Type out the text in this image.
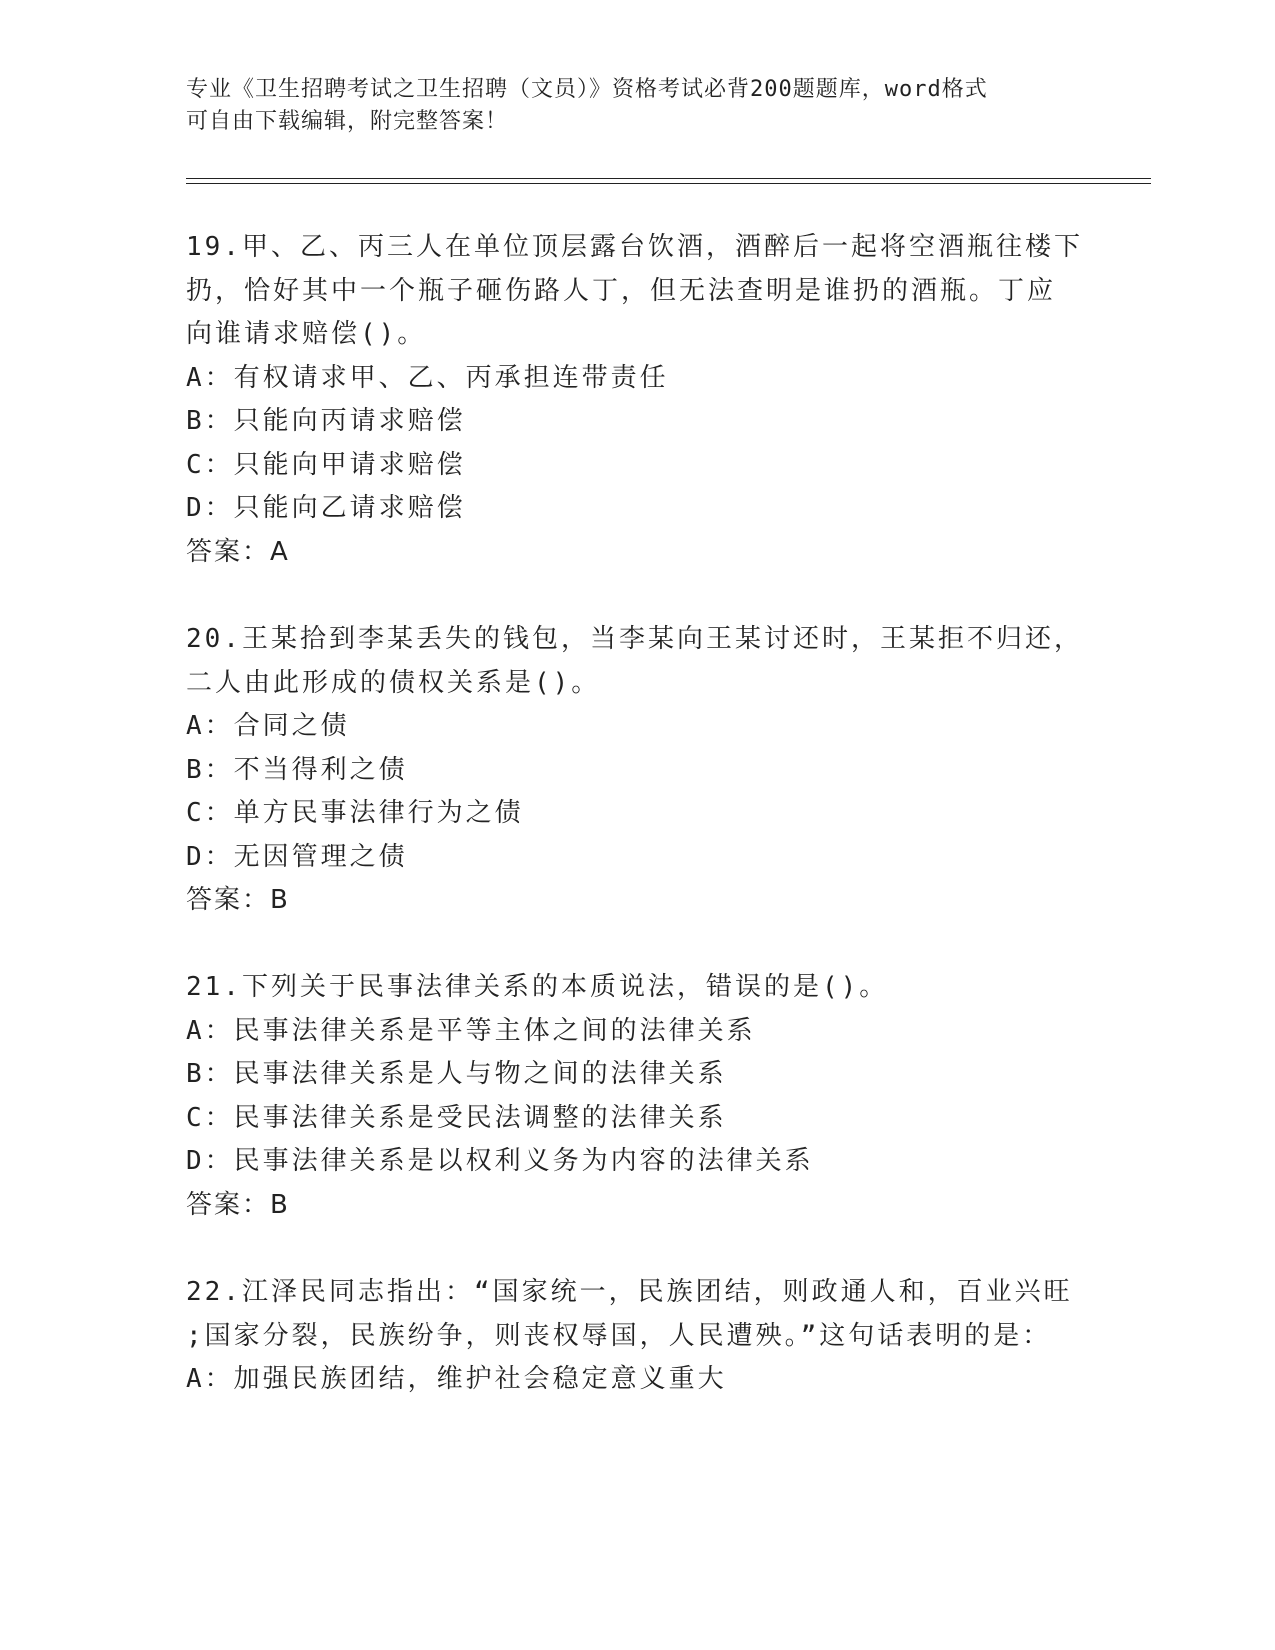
专业《卫生招聘考试之卫生招聘（文员）》资格考试必背200题题库，word格式
可自由下载编辑，附完整答案！
19.甲、乙、丙三人在单位顶层露台饮酒，酒醉后一起将空酒瓶往楼下
扔，恰好其中一个瓶子砸伤路人丁，但无法查明是谁扔的酒瓶。丁应
向谁请求赔偿()。
A：有权请求甲、乙、丙承担连带责任
B：只能向丙请求赔偿
C：只能向甲请求赔偿
D：只能向乙请求赔偿
答案：A
20.王某拾到李某丢失的钱包，当李某向王某讨还时，王某拒不归还，
二人由此形成的债权关系是()。
A：合同之债
B：不当得利之债
C：单方民事法律行为之债
D：无因管理之债
答案：B
21.下列关于民事法律关系的本质说法，错误的是()。
A：民事法律关系是平等主体之间的法律关系
B：民事法律关系是人与物之间的法律关系
C：民事法律关系是受民法调整的法律关系
D：民事法律关系是以权利义务为内容的法律关系
答案：B
22.江泽民同志指出：“国家统一，民族团结，则政通人和，百业兴旺
;国家分裂，民族纷争，则丧权辱国，人民遭殃。”这句话表明的是：
A：加强民族团结，维护社会稳定意义重大
